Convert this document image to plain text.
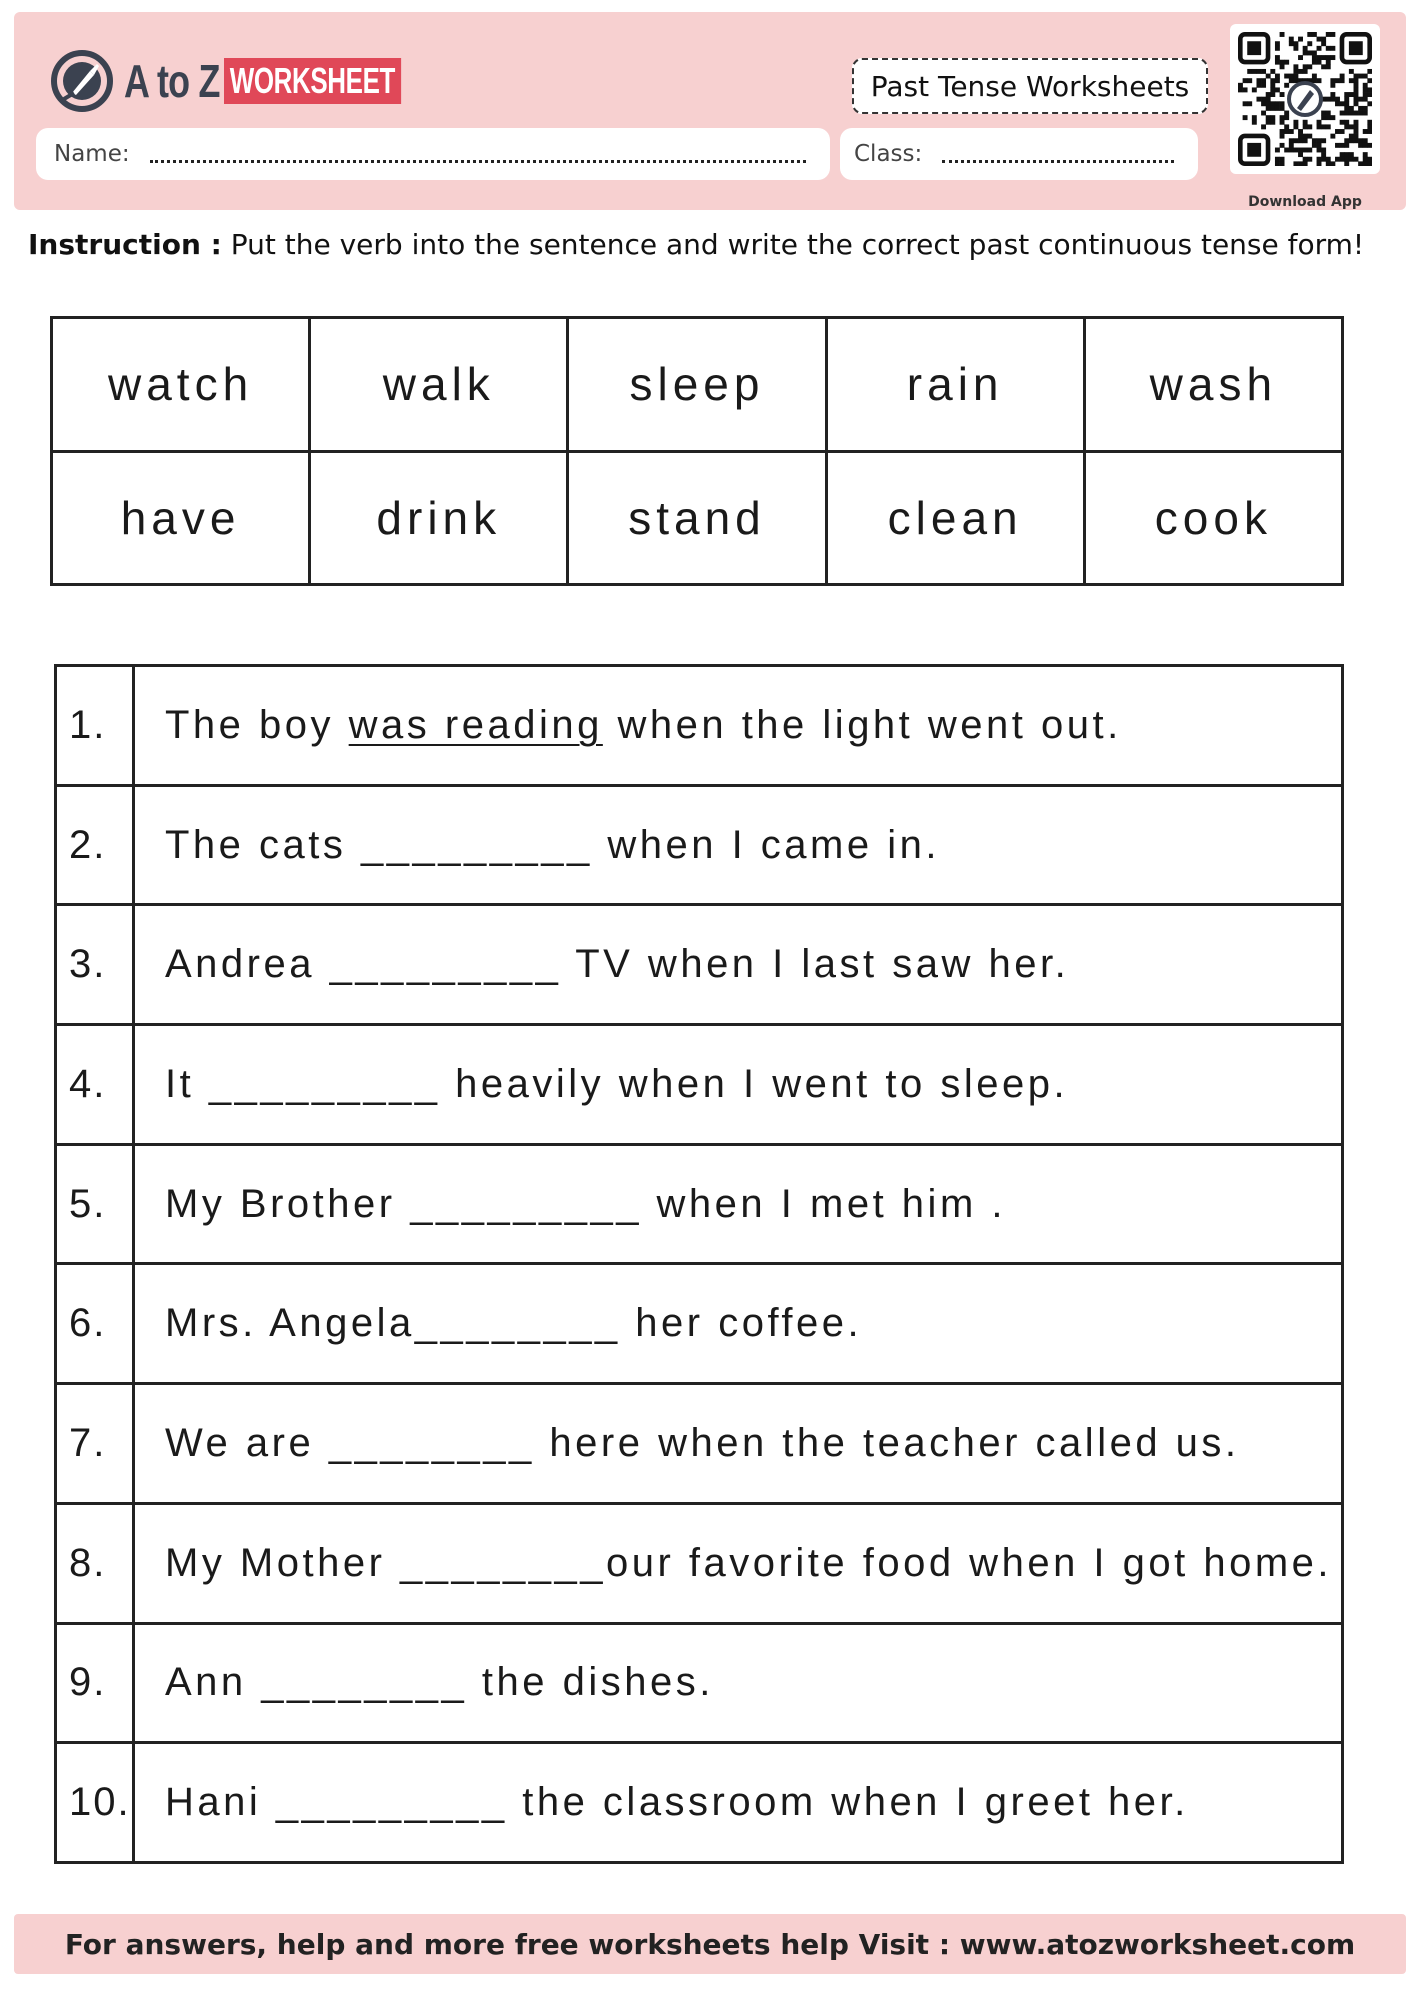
A to Z WORKSHEET	Past Tense Worksheets
Name:	Class:
Download App
Instruction : Put the verb into the sentence and write the correct past continuous tense form!
watch	walk	sleep	rain	wash
have	drink	stand	clean	cook
1.	The boy was reading when the light went out.
2.	The cats _________ when I came in.
3.	Andrea _________ TV when I last saw her.
4.	It _________ heavily when I went to sleep.
5.	My Brother _________ when I met him .
6.	Mrs. Angela________ her coffee.
7.	We are ________ here when the teacher called us.
8.	My Mother ________our favorite food when I got home.
9.	Ann ________ the dishes.
10.	Hani _________ the classroom when I greet her.
For answers, help and more free worksheets help Visit : www.atozworksheet.com
